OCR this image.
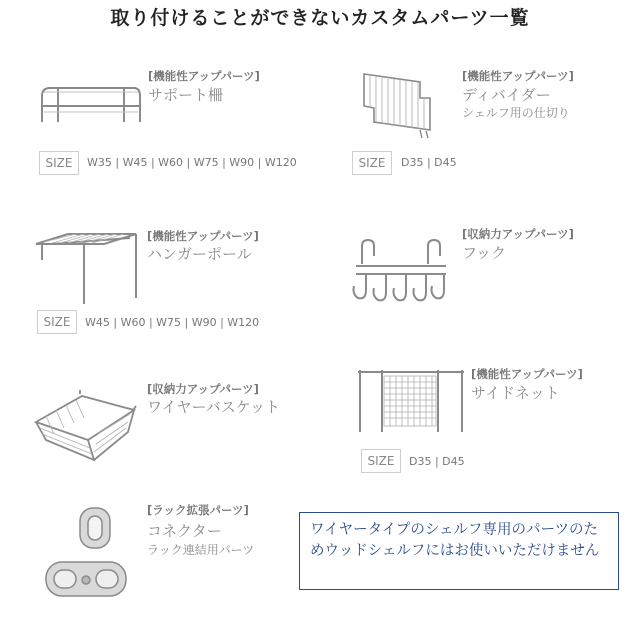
取り付けることができないカスタムパーツ一覧
[機能性アップパーツ]
サポート柵
SIZE	W35 | W45 | W60 | W75 | W90 | W120
[機能性アップパーツ]
ディバイダー
シェルフ用の仕切り
SIZE	D35 | D45
[機能性アップパーツ]
ハンガーポール
SIZE	W45 | W60 | W75 | W90 | W120
[収納力アップパーツ]
フック
[収納力アップパーツ]
ワイヤーバスケット
[機能性アップパーツ]
サイドネット
SIZE	D35 | D45
[ラック拡張パーツ]
コネクター
ラック連結用パーツ
ワイヤータイプのシェルフ専用のパーツのためウッドシェルフにはお使いいただけません
